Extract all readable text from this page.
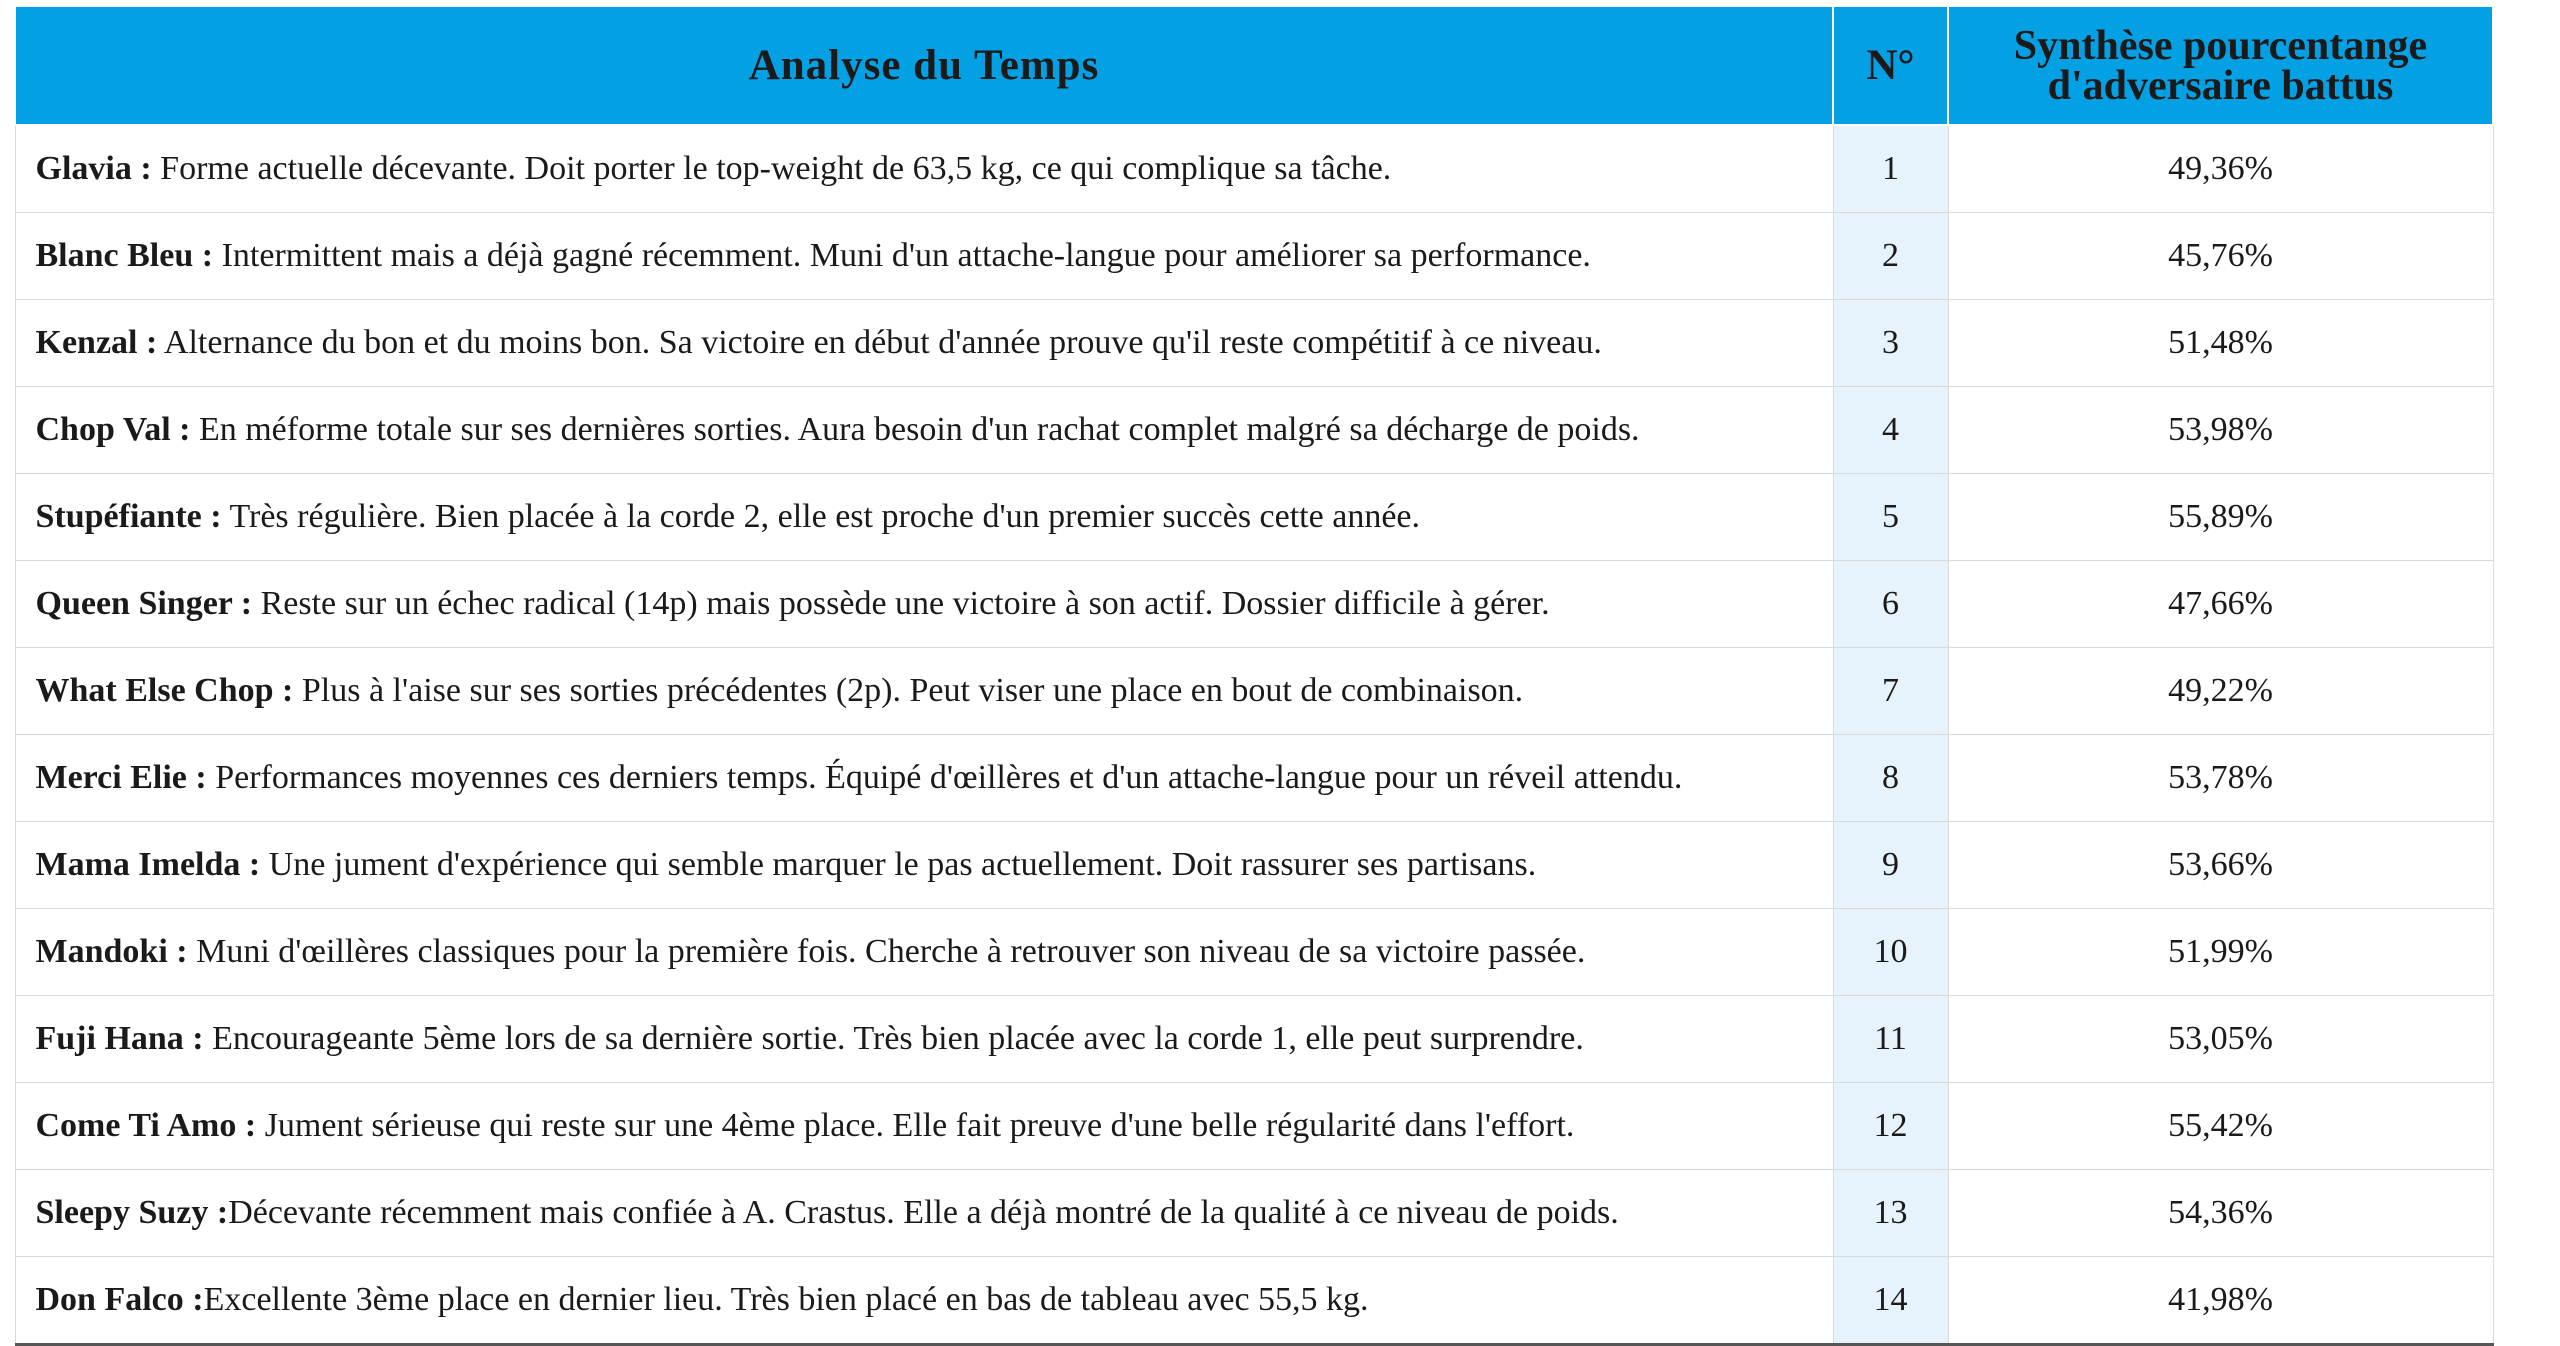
Analyse du Temps	N°	Synthèse pourcentange
d'adversaire battus
Glavia : Forme actuelle décevante. Doit porter le top-weight de 63,5 kg, ce qui complique sa tâche.	1	49,36%
Blanc Bleu : Intermittent mais a déjà gagné récemment. Muni d'un attache-langue pour améliorer sa performance.	2	45,76%
Kenzal : Alternance du bon et du moins bon. Sa victoire en début d'année prouve qu'il reste compétitif à ce niveau.	3	51,48%
Chop Val : En méforme totale sur ses dernières sorties. Aura besoin d'un rachat complet malgré sa décharge de poids.	4	53,98%
Stupéfiante : Très régulière. Bien placée à la corde 2, elle est proche d'un premier succès cette année.	5	55,89%
Queen Singer : Reste sur un échec radical (14p) mais possède une victoire à son actif. Dossier difficile à gérer.	6	47,66%
What Else Chop : Plus à l'aise sur ses sorties précédentes (2p). Peut viser une place en bout de combinaison.	7	49,22%
Merci Elie : Performances moyennes ces derniers temps. Équipé d'œillères et d'un attache-langue pour un réveil attendu.	8	53,78%
Mama Imelda : Une jument d'expérience qui semble marquer le pas actuellement. Doit rassurer ses partisans.	9	53,66%
Mandoki : Muni d'œillères classiques pour la première fois. Cherche à retrouver son niveau de sa victoire passée.	10	51,99%
Fuji Hana : Encourageante 5ème lors de sa dernière sortie. Très bien placée avec la corde 1, elle peut surprendre.	11	53,05%
Come Ti Amo : Jument sérieuse qui reste sur une 4ème place. Elle fait preuve d'une belle régularité dans l'effort.	12	55,42%
Sleepy Suzy :Décevante récemment mais confiée à A. Crastus. Elle a déjà montré de la qualité à ce niveau de poids.	13	54,36%
Don Falco :Excellente 3ème place en dernier lieu. Très bien placé en bas de tableau avec 55,5 kg.	14	41,98%
